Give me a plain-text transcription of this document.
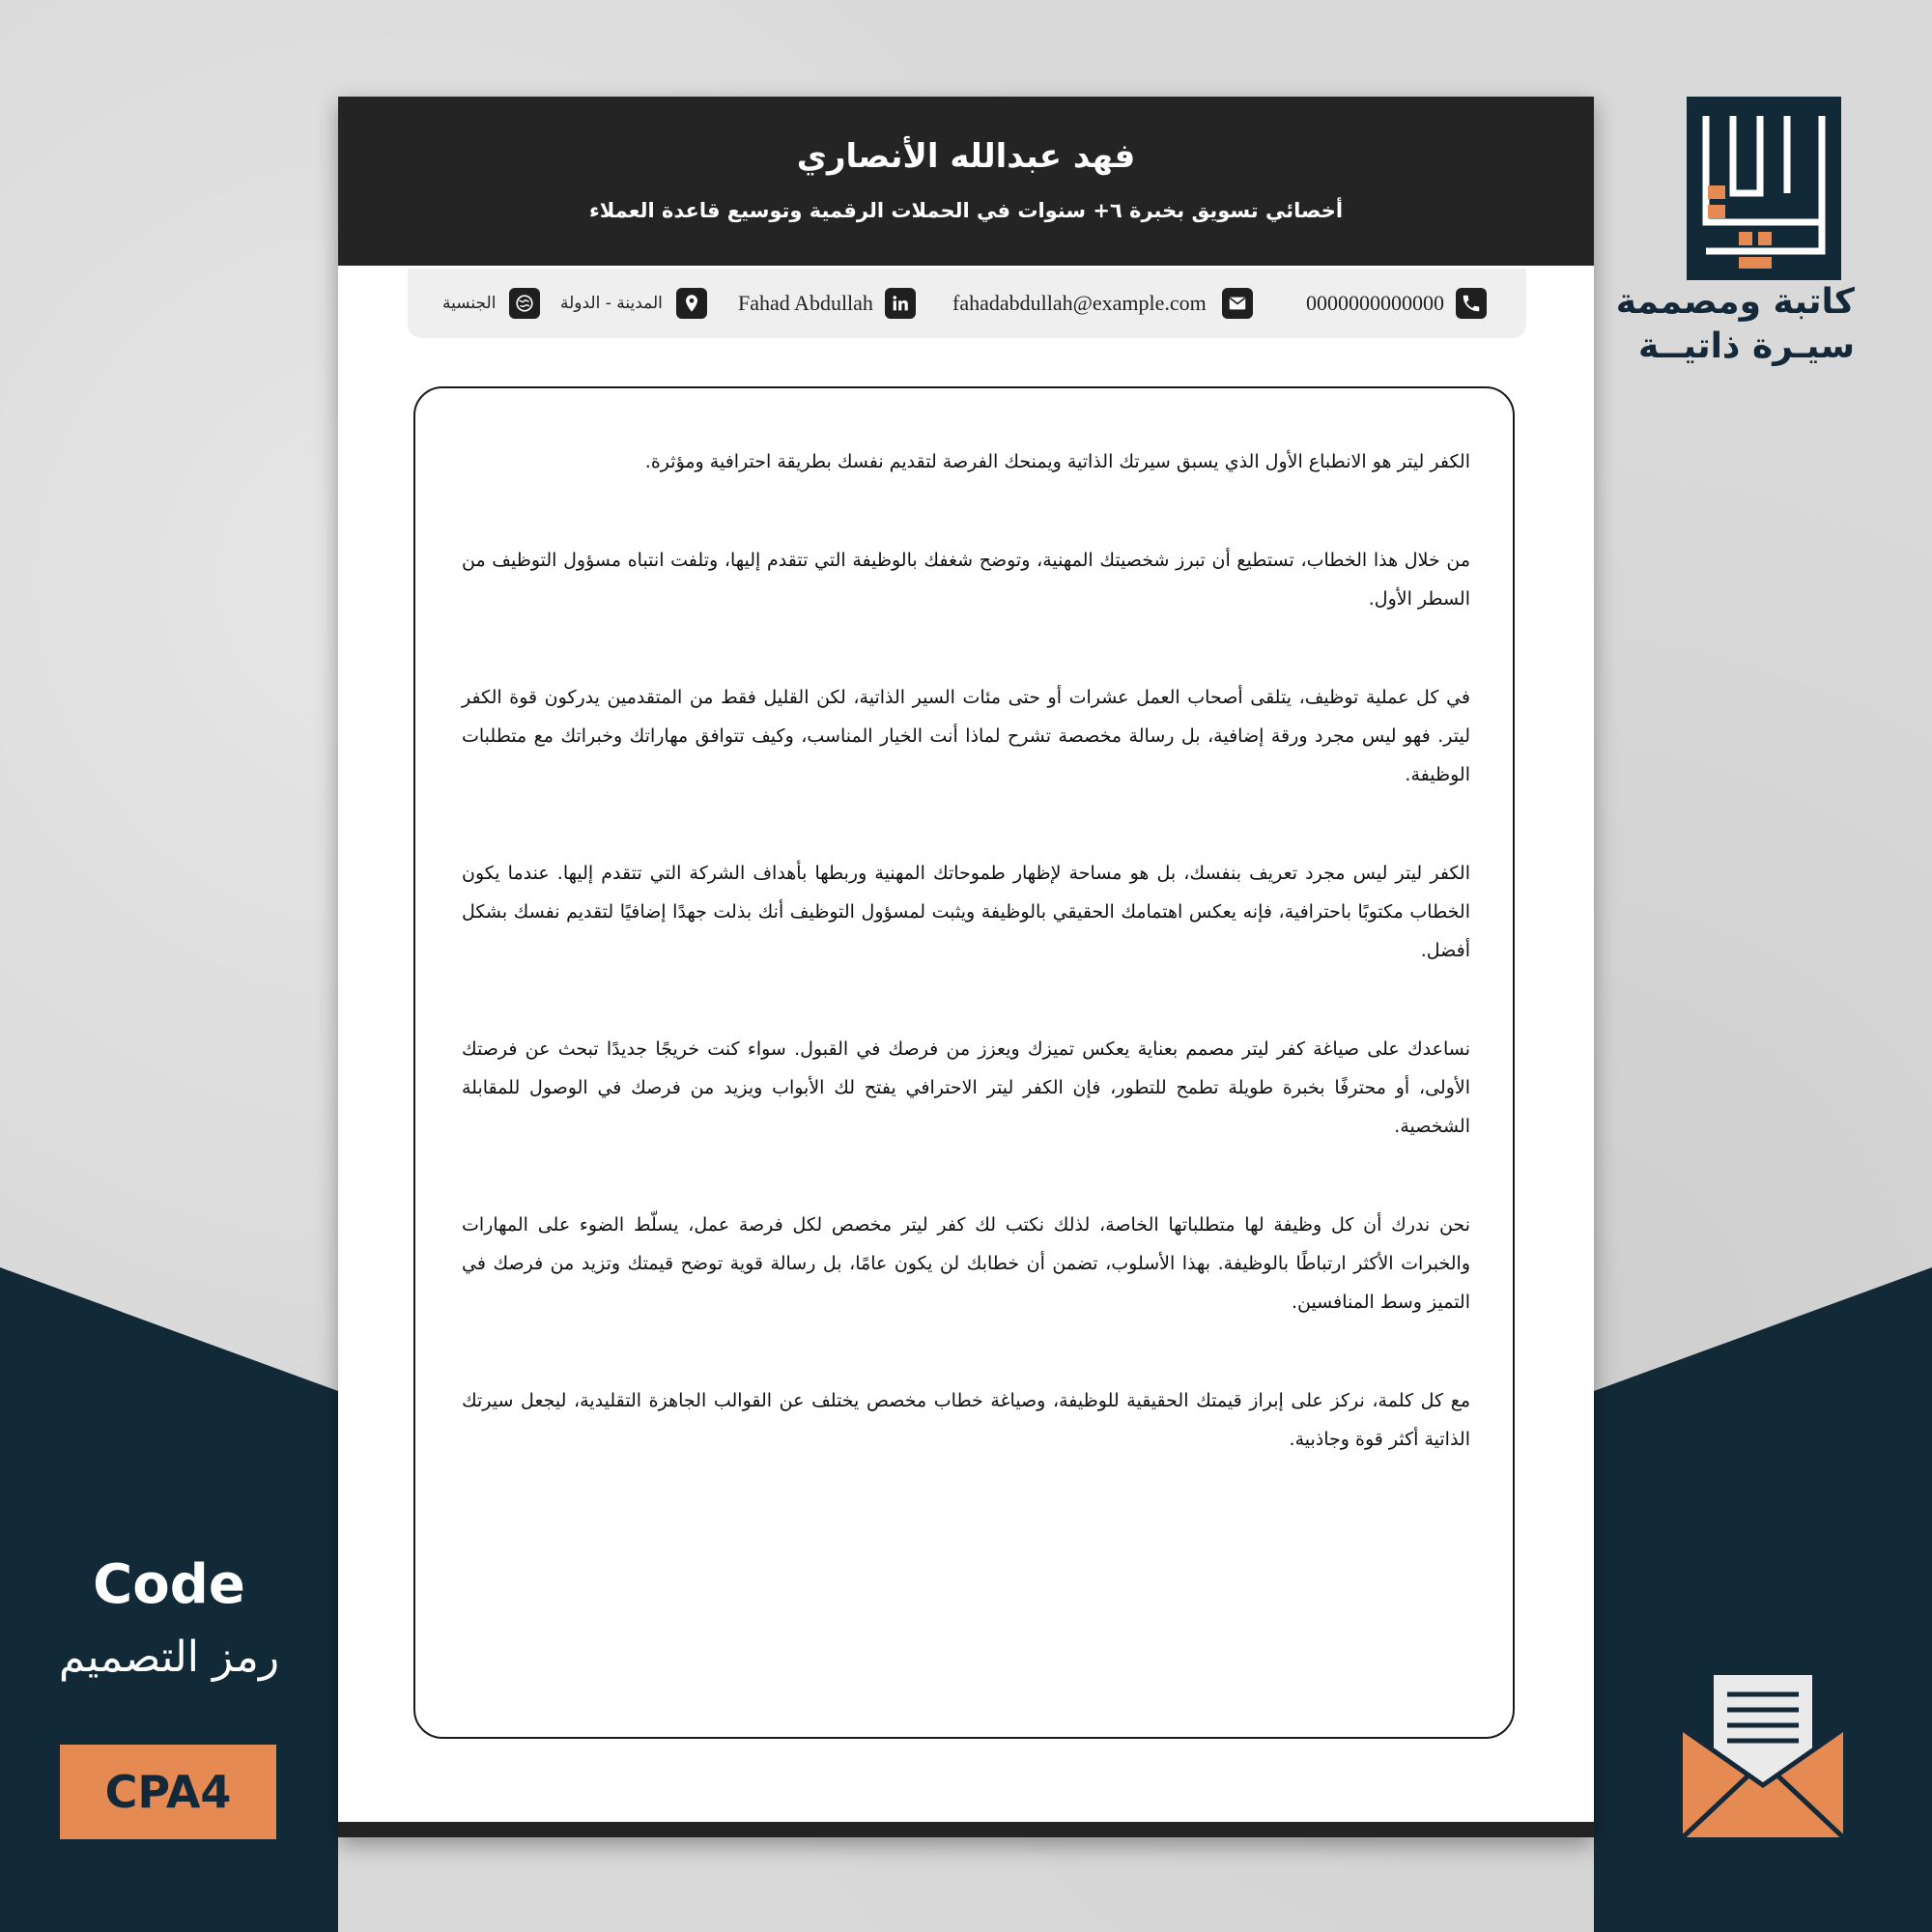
فهد عبدالله الأنصاري
أخصائي تسويق بخبرة ٦+ سنوات في الحملات الرقمية وتوسيع قاعدة العملاء
0000000000000
fahadabdullah@example.com
Fahad Abdullah
المدينة - الدولة
الجنسية

الكفر ليتر هو الانطباع الأول الذي يسبق سيرتك الذاتية ويمنحك الفرصة لتقديم نفسك بطريقة احترافية ومؤثرة.

من خلال هذا الخطاب، تستطيع أن تبرز شخصيتك المهنية، وتوضح شغفك بالوظيفة التي تتقدم إليها، وتلفت انتباه مسؤول التوظيف من السطر الأول.

في كل عملية توظيف، يتلقى أصحاب العمل عشرات أو حتى مئات السير الذاتية، لكن القليل فقط من المتقدمين يدركون قوة الكفر ليتر. فهو ليس مجرد ورقة إضافية، بل رسالة مخصصة تشرح لماذا أنت الخيار المناسب، وكيف تتوافق مهاراتك وخبراتك مع متطلبات الوظيفة.

الكفر ليتر ليس مجرد تعريف بنفسك، بل هو مساحة لإظهار طموحاتك المهنية وربطها بأهداف الشركة التي تتقدم إليها. عندما يكون الخطاب مكتوبًا باحترافية، فإنه يعكس اهتمامك الحقيقي بالوظيفة ويثبت لمسؤول التوظيف أنك بذلت جهدًا إضافيًا لتقديم نفسك بشكل أفضل.

نساعدك على صياغة كفر ليتر مصمم بعناية يعكس تميزك ويعزز من فرصك في القبول. سواء كنت خريجًا جديدًا تبحث عن فرصتك الأولى، أو محترفًا بخبرة طويلة تطمح للتطور، فإن الكفر ليتر الاحترافي يفتح لك الأبواب ويزيد من فرصك في الوصول للمقابلة الشخصية.

نحن ندرك أن كل وظيفة لها متطلباتها الخاصة، لذلك نكتب لك كفر ليتر مخصص لكل فرصة عمل، يسلّط الضوء على المهارات والخبرات الأكثر ارتباطًا بالوظيفة. بهذا الأسلوب، تضمن أن خطابك لن يكون عامًا، بل رسالة قوية توضح قيمتك وتزيد من فرصك في التميز وسط المنافسين.

مع كل كلمة، نركز على إبراز قيمتك الحقيقية للوظيفة، وصياغة خطاب مخصص يختلف عن القوالب الجاهزة التقليدية، ليجعل سيرتك الذاتية أكثر قوة وجاذبية.

كاتبة ومصممة
سيـرة ذاتيــة
Code
رمز التصميم
CPA4
